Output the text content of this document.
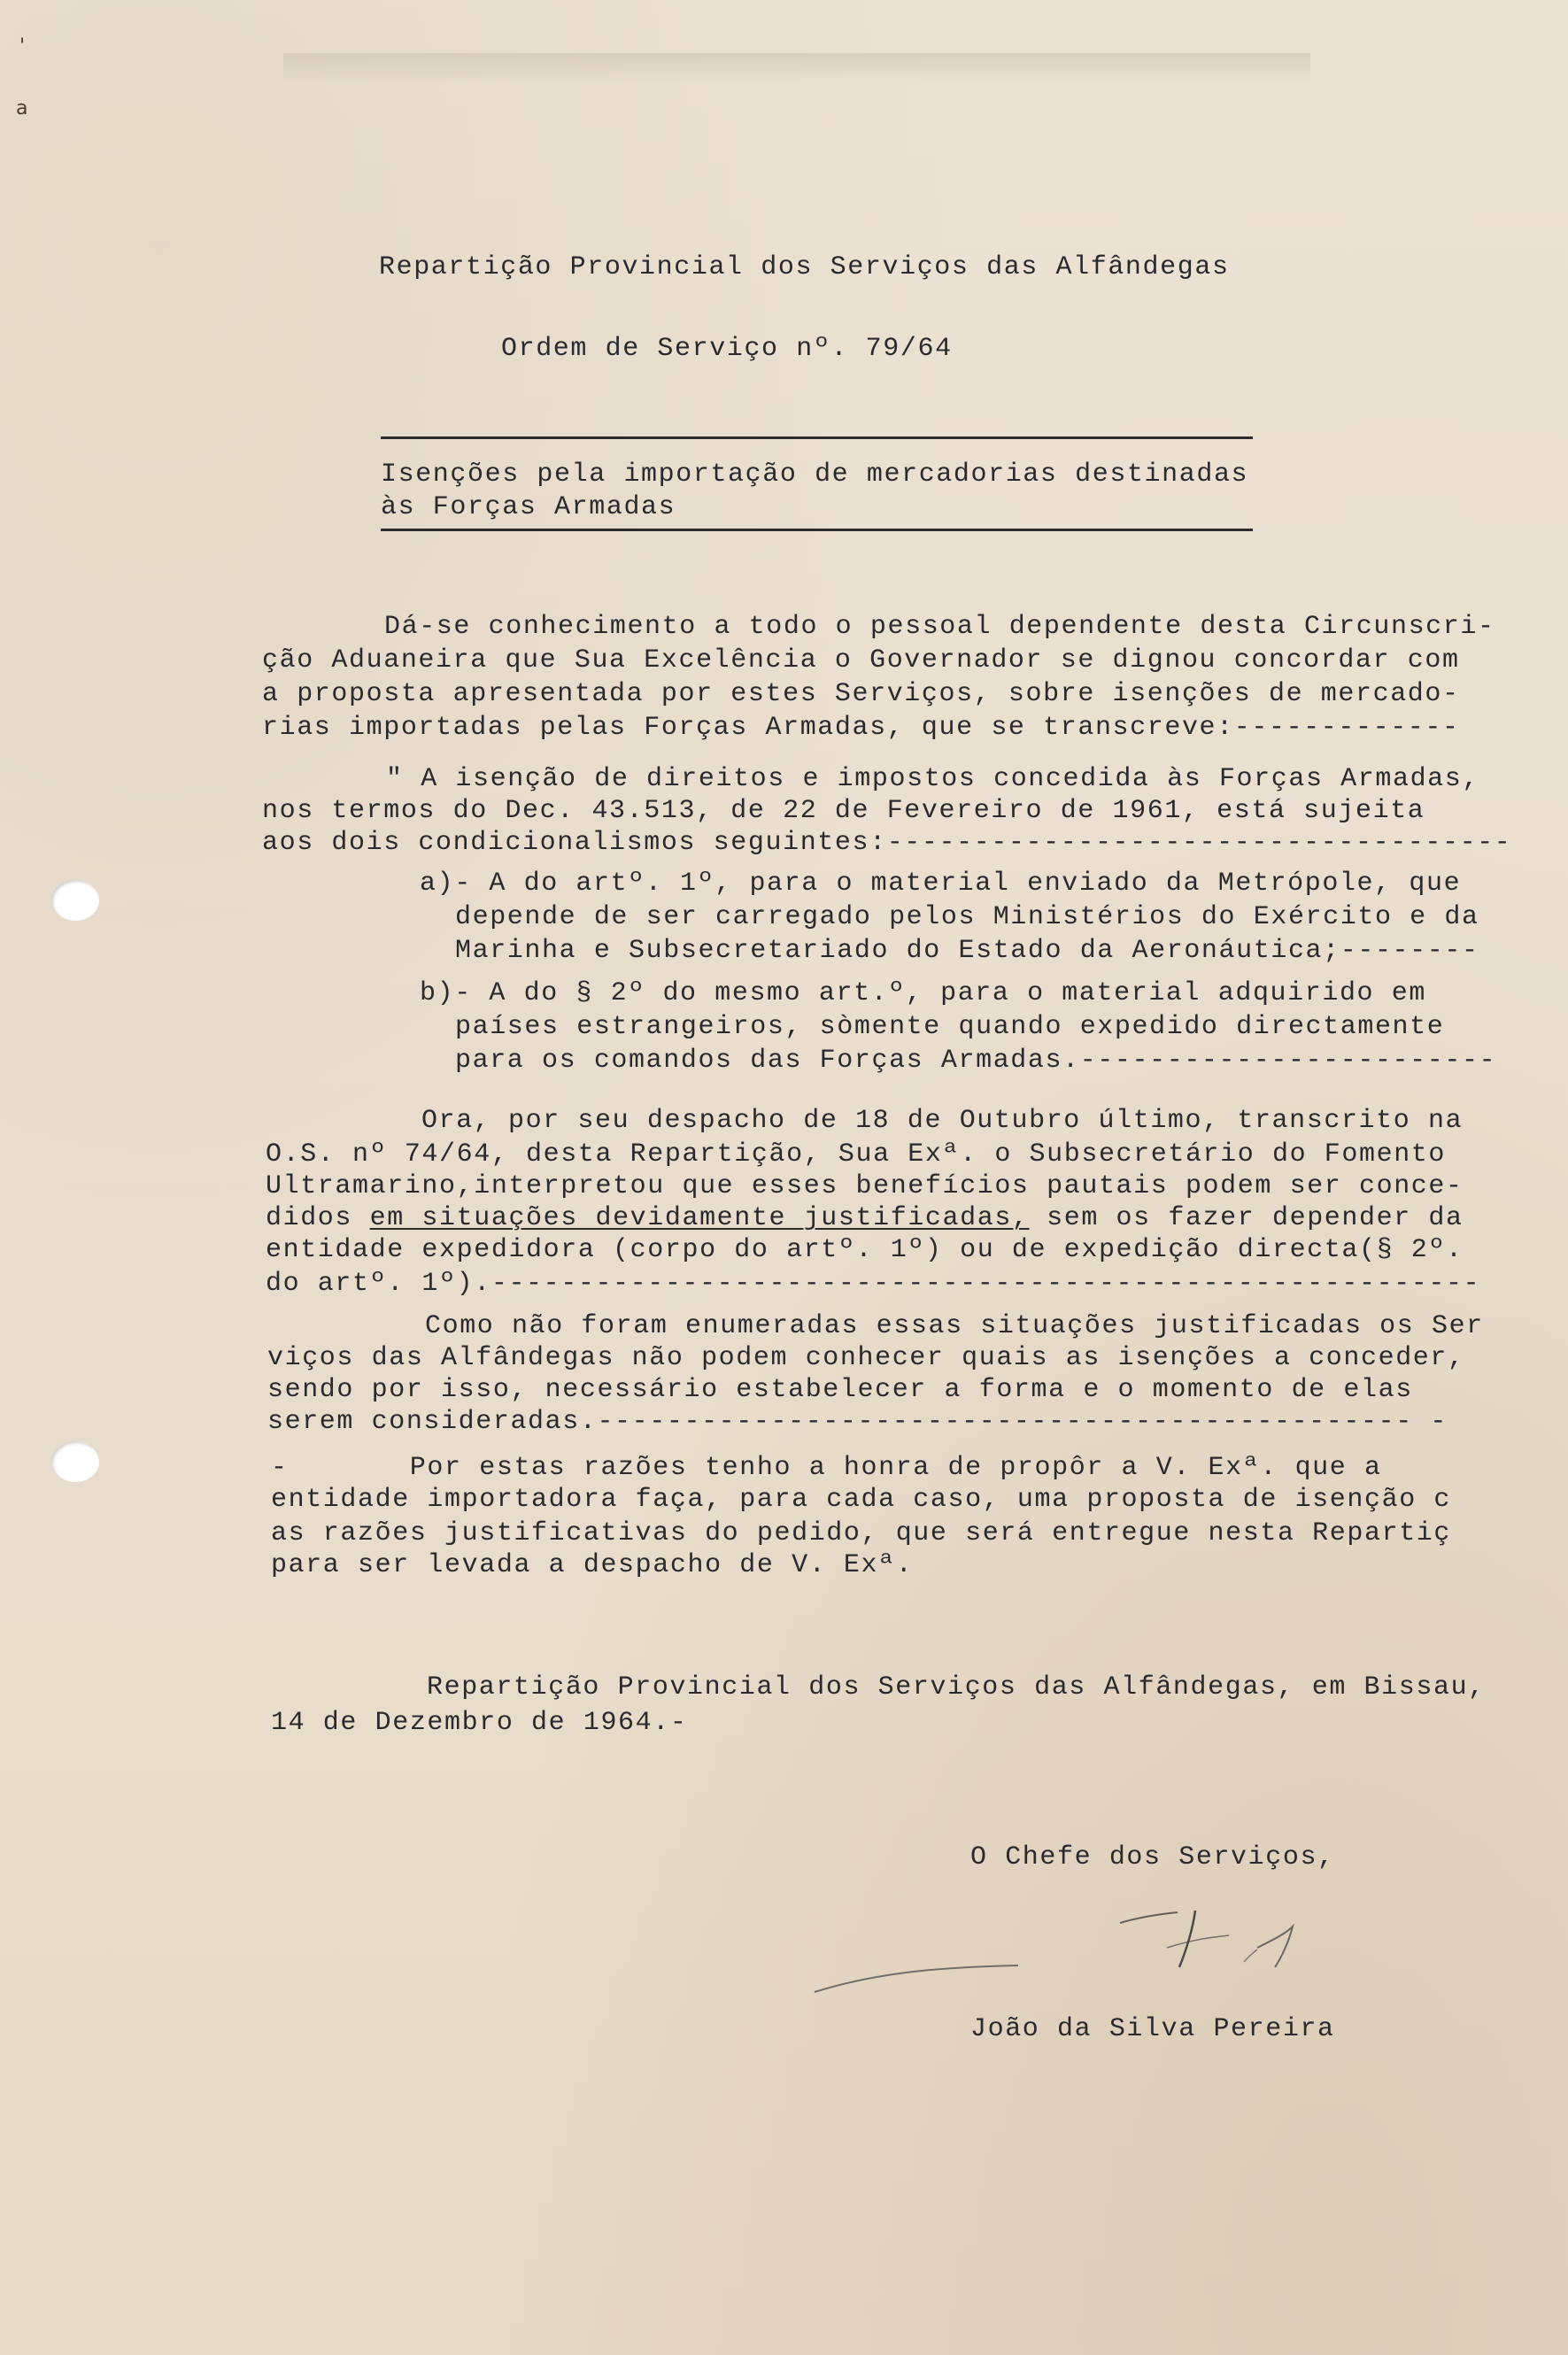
'
a
Repartição Provincial dos Serviços das Alfândegas
Ordem de Serviço nº. 79/64
Isenções pela importação de mercadorias destinadas
às Forças Armadas
Dá-se conhecimento a todo o pessoal dependente desta Circunscri-
ção Aduaneira que Sua Excelência o Governador se dignou concordar com
a proposta apresentada por estes Serviços, sobre isenções de mercado-
rias importadas pelas Forças Armadas, que se transcreve:-------------
" A isenção de direitos e impostos concedida às Forças Armadas,
nos termos do Dec. 43.513, de 22 de Fevereiro de 1961, está sujeita
aos dois condicionalismos seguintes:------------------------------------
a)- A do artº. 1º, para o material enviado da Metrópole, que
depende de ser carregado pelos Ministérios do Exército e da
Marinha e Subsecretariado do Estado da Aeronáutica;--------
b)- A do § 2º do mesmo art.º, para o material adquirido em
países estrangeiros, sòmente quando expedido directamente
para os comandos das Forças Armadas.------------------------
Ora, por seu despacho de 18 de Outubro último, transcrito na
O.S. nº 74/64, desta Repartição, Sua Exª. o Subsecretário do Fomento
Ultramarino,interpretou que esses benefícios pautais podem ser conce-
didos em situações devidamente justificadas, sem os fazer depender da
entidade expedidora (corpo do artº. 1º) ou de expedição directa(§ 2º.
do artº. 1º).---------------------------------------------------------
Como não foram enumeradas essas situações justificadas os Ser
viços das Alfândegas não podem conhecer quais as isenções a conceder,
sendo por isso, necessário estabelecer a forma e o momento de elas
serem consideradas.----------------------------------------------- -
-       Por estas razões tenho a honra de propôr a V. Exª. que a
entidade importadora faça, para cada caso, uma proposta de isenção c
as razões justificativas do pedido, que será entregue nesta Repartiç
para ser levada a despacho de V. Exª.
Repartição Provincial dos Serviços das Alfândegas, em Bissau,
14 de Dezembro de 1964.-
O Chefe dos Serviços,
João da Silva Pereira
